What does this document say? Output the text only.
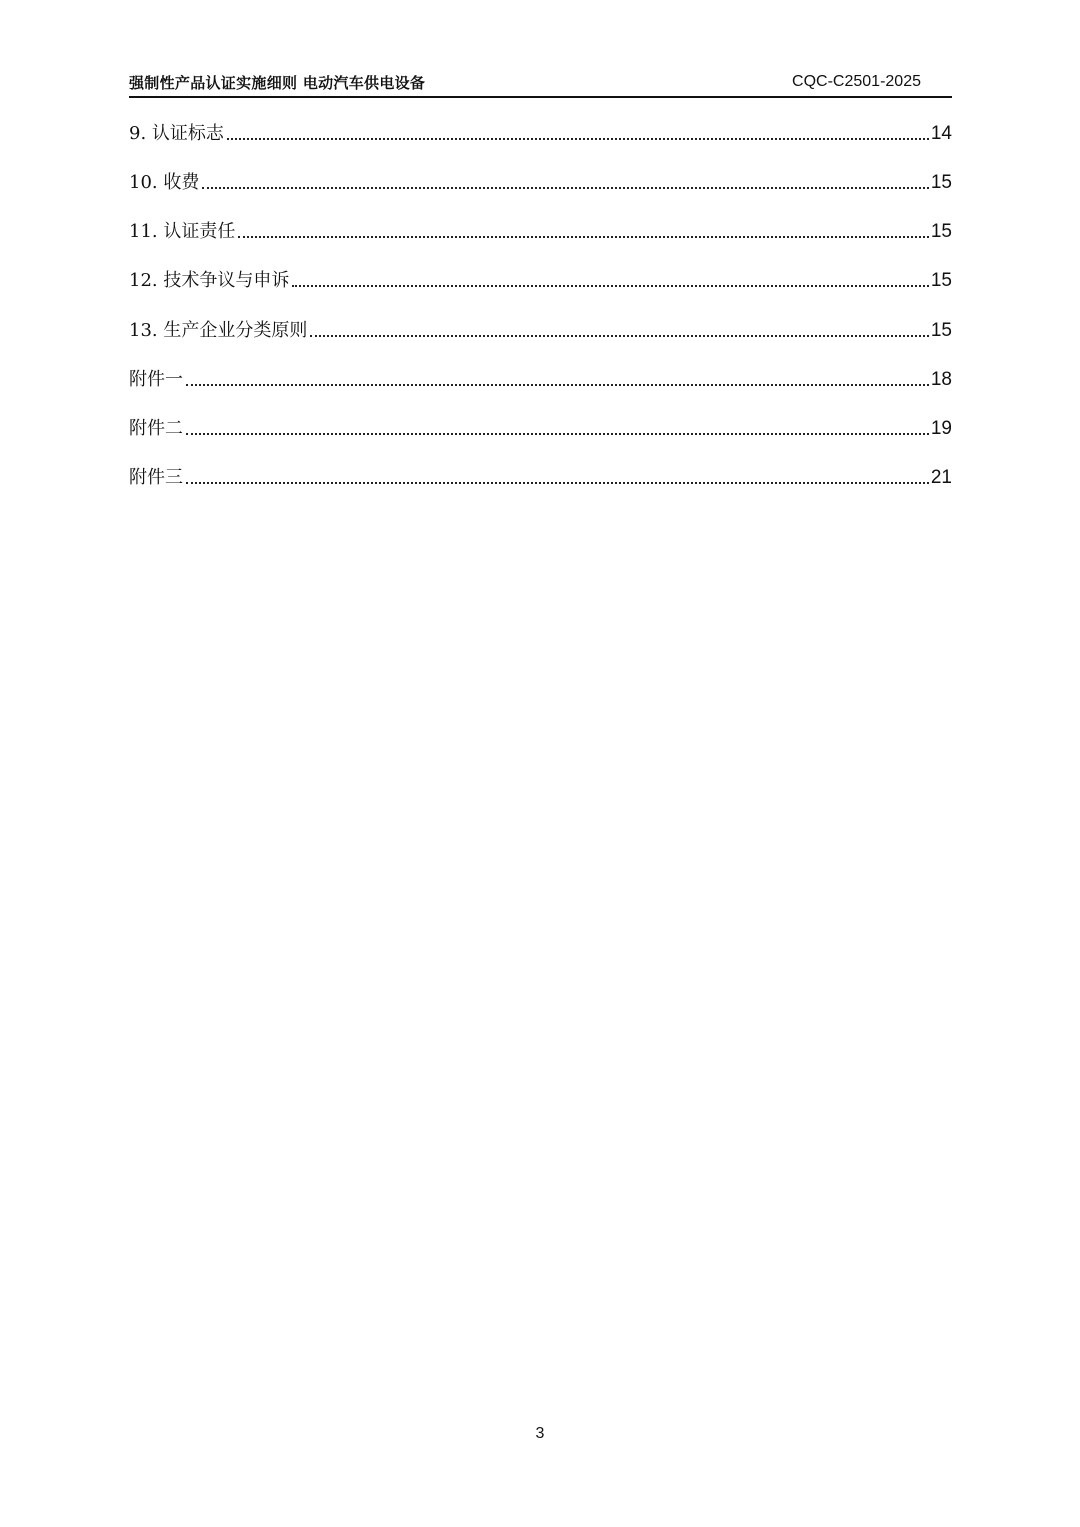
强制性产品认证实施细则 电动汽车供电设备	CQC-C2501-2025
9. 认证标志	14
10. 收费	15
11. 认证责任	15
12. 技术争议与申诉	15
13. 生产企业分类原则	15
附件一	18
附件二	19
附件三	21
3
